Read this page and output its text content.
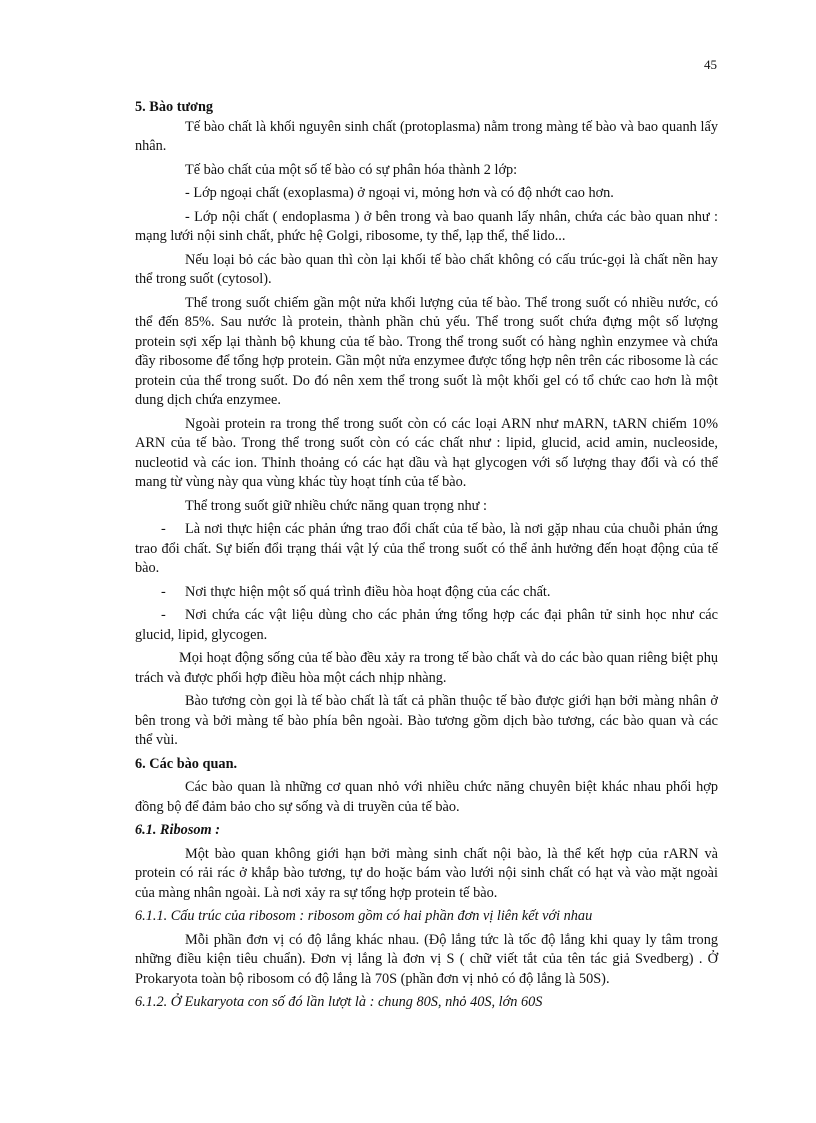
45

5. Bào tương

Tế bào chất là khối nguyên sinh chất (protoplasma) nằm trong màng tế bào và bao quanh lấy nhân.

Tế bào chất của một số tế bào có sự phân hóa thành 2 lớp:

- Lớp ngoại chất (exoplasma) ở ngoại vi, mỏng hơn và có độ nhớt cao hơn.

- Lớp nội chất ( endoplasma ) ở bên trong và bao quanh lấy nhân, chứa các bào quan như : mạng lưới nội sinh chất, phức hệ Golgi, ribosome, ty thể, lạp thể, thể lido...

Nếu loại bỏ các bào quan thì còn lại khối tế bào chất không có cấu trúc-gọi là chất nền hay thể trong suốt (cytosol).

Thể trong suốt chiếm gần một nửa khối lượng của tế bào. Thể trong suốt có nhiều nước, có thể đến 85%. Sau nước là protein, thành phần chủ yếu. Thể trong suốt chứa đựng một số lượng protein sợi xếp lại thành bộ khung của tế bào. Trong thể trong suốt có hàng nghìn enzymee và chứa đầy ribosome để tổng hợp protein. Gần một nửa enzymee được tổng hợp nên trên các ribosome là các protein của thể trong suốt. Do đó nên xem thể trong suốt là một khối gel có tổ chức cao hơn là một dung dịch chứa enzymee.

Ngoài protein ra trong thể trong suốt còn có các loại ARN như mARN, tARN chiếm 10% ARN của tế bào. Trong thể trong suốt còn có các chất như : lipid, glucid, acid amin, nucleoside, nucleotid và các ion. Thỉnh thoảng có các hạt dầu và hạt glycogen với số lượng thay đổi và có thể mang từ vùng này qua vùng khác tùy hoạt tính của tế bào.

Thể trong suốt giữ nhiều chức năng quan trọng như :

- Là nơi thực hiện các phản ứng trao đổi chất của tế bào, là nơi gặp nhau của chuỗi phản ứng trao đổi chất. Sự biến đổi trạng thái vật lý của thể trong suốt có thể ảnh hưởng đến hoạt động của tế bào.

- Nơi thực hiện một số quá trình điều hòa hoạt động của các chất.

- Nơi chứa các vật liệu dùng cho các phản ứng tổng hợp các đại phân tử sinh học như các glucid, lipid, glycogen.

Mọi hoạt động sống của tế bào đều xảy ra trong tế bào chất và do các bào quan riêng biệt phụ trách và được phối hợp điều hòa một cách nhịp nhàng.

Bào tương còn gọi là tế bào chất là tất cả phần thuộc tế bào được giới hạn bởi màng nhân ở bên trong và bởi màng tế bào phía bên ngoài. Bào tương gồm dịch bào tương, các bào quan và các thể vùi.

6. Các bào quan.

Các bào quan là những cơ quan nhỏ với nhiều chức năng chuyên biệt khác nhau phối hợp đồng bộ để đảm bảo cho sự sống và di truyền của tế bào.

6.1. Ribosom :

Một bào quan không giới hạn bởi màng sinh chất nội bào, là thể kết hợp của rARN và protein có rải rác ở khắp bào tương, tự do hoặc bám vào lưới nội sinh chất có hạt và vào mặt ngoài của màng nhân ngoài. Là nơi xảy ra sự tổng hợp protein tế bào.

6.1.1. Cấu trúc của ribosom : ribosom gồm có hai phần đơn vị liên kết với nhau

Mỗi phần đơn vị có độ lắng khác nhau. (Độ lắng tức là tốc độ lắng khi quay ly tâm trong những điều kiện tiêu chuẩn). Đơn vị lắng là đơn vị S ( chữ viết tắt của tên tác giả Svedberg) . Ở Prokaryota toàn bộ ribosom có độ lắng là 70S (phần đơn vị nhỏ có độ lắng là 50S).

6.1.2. Ở Eukaryota con số đó lần lượt là : chung 80S, nhỏ 40S, lớn 60S
